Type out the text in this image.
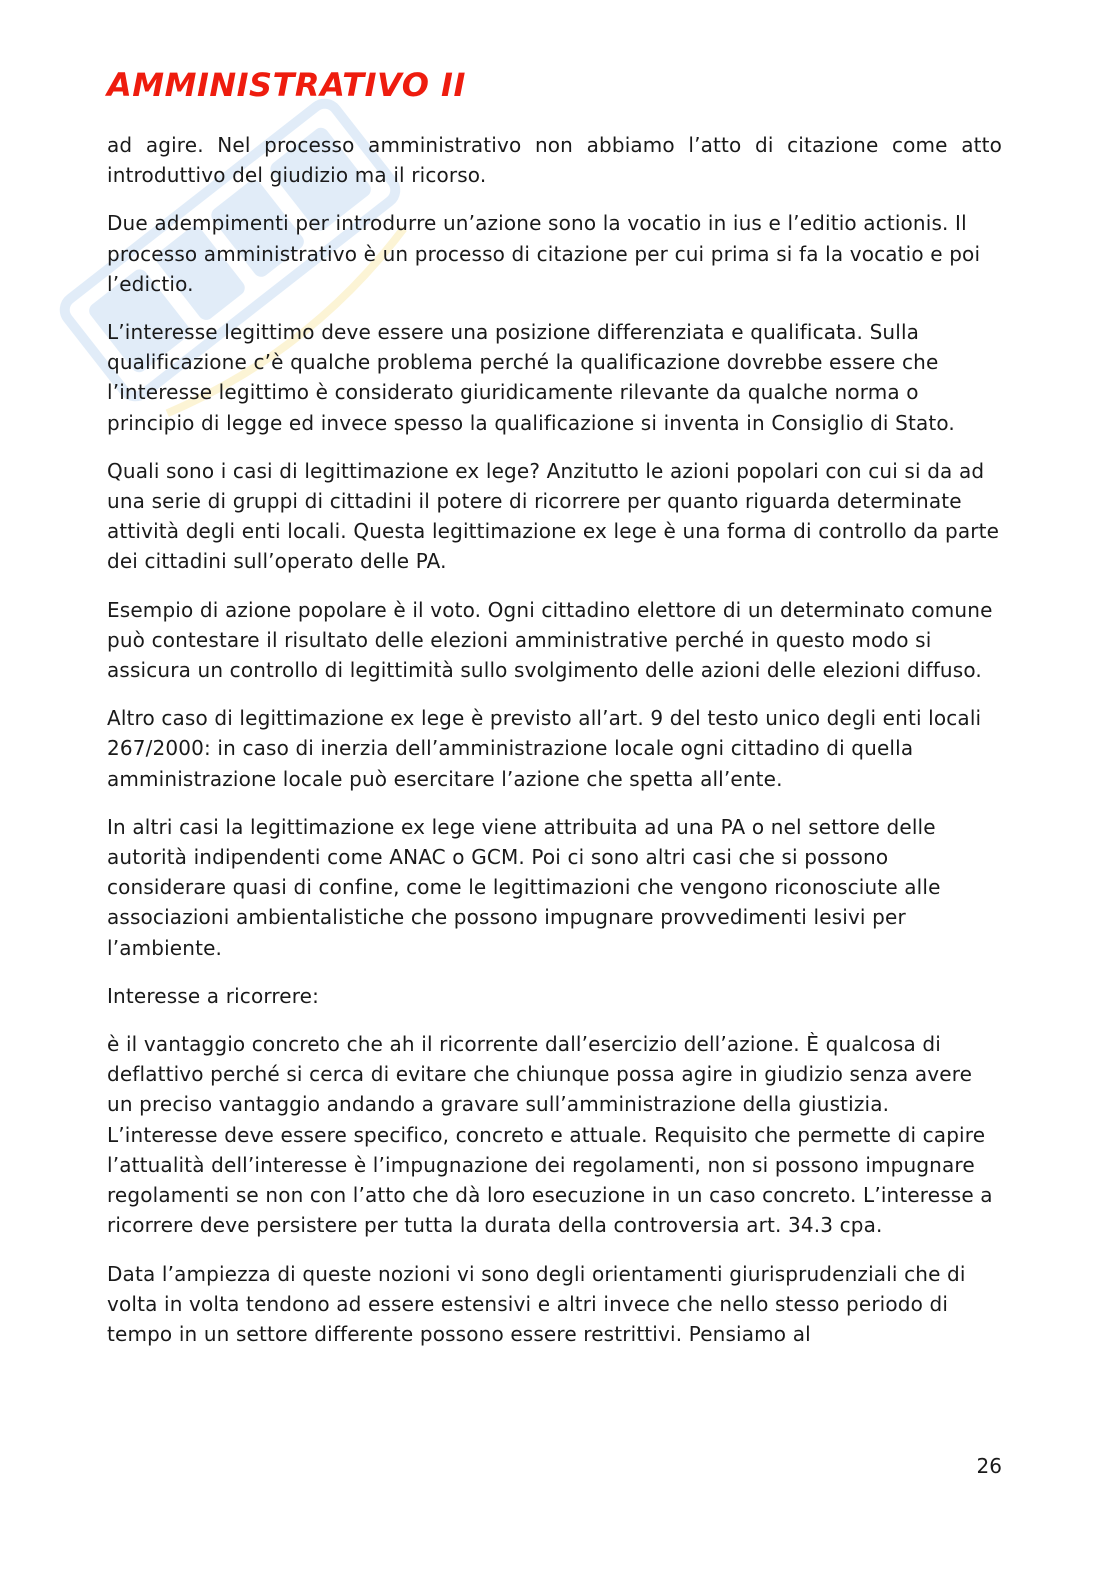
AMMINISTRATIVO II

ad agire. Nel processo amministrativo non abbiamo l’atto di citazione come atto introduttivo del giudizio ma il ricorso.

Due adempimenti per introdurre un’azione sono la vocatio in ius e l’editio actionis. Il processo amministrativo è un processo di citazione per cui prima si fa la vocatio e poi l’edictio.

L’interesse legittimo deve essere una posizione differenziata e qualificata. Sulla qualificazione c’è qualche problema perché la qualificazione dovrebbe essere che l’interesse legittimo è considerato giuridicamente rilevante da qualche norma o principio di legge ed invece spesso la qualificazione si inventa in Consiglio di Stato.

Quali sono i casi di legittimazione ex lege? Anzitutto le azioni popolari con cui si da ad una serie di gruppi di cittadini il potere di ricorrere per quanto riguarda determinate attività degli enti locali. Questa legittimazione ex lege è una forma di controllo da parte dei cittadini sull’operato delle PA.

Esempio di azione popolare è il voto. Ogni cittadino elettore di un determinato comune può contestare il risultato delle elezioni amministrative perché in questo modo si assicura un controllo di legittimità sullo svolgimento delle azioni delle elezioni diffuso.

Altro caso di legittimazione ex lege è previsto all’art. 9 del testo unico degli enti locali 267/2000: in caso di inerzia dell’amministrazione locale ogni cittadino di quella amministrazione locale può esercitare l’azione che spetta all’ente.

In altri casi la legittimazione ex lege viene attribuita ad una PA o nel settore delle autorità indipendenti come ANAC o GCM. Poi ci sono altri casi che si possono considerare quasi di confine, come le legittimazioni che vengono riconosciute alle associazioni ambientalistiche che possono impugnare provvedimenti lesivi per l’ambiente.

Interesse a ricorrere:

è il vantaggio concreto che ah il ricorrente dall’esercizio dell’azione. È qualcosa di deflattivo perché si cerca di evitare che chiunque possa agire in giudizio senza avere un preciso vantaggio andando a gravare sull’amministrazione della giustizia. L’interesse deve essere specifico, concreto e attuale. Requisito che permette di capire l’attualità dell’interesse è l’impugnazione dei regolamenti, non si possono impugnare regolamenti se non con l’atto che dà loro esecuzione in un caso concreto. L’interesse a ricorrere deve persistere per tutta la durata della controversia art. 34.3 cpa.

Data l’ampiezza di queste nozioni vi sono degli orientamenti giurisprudenziali che di volta in volta tendono ad essere estensivi e altri invece che nello stesso periodo di tempo in un settore differente possono essere restrittivi. Pensiamo al

26
